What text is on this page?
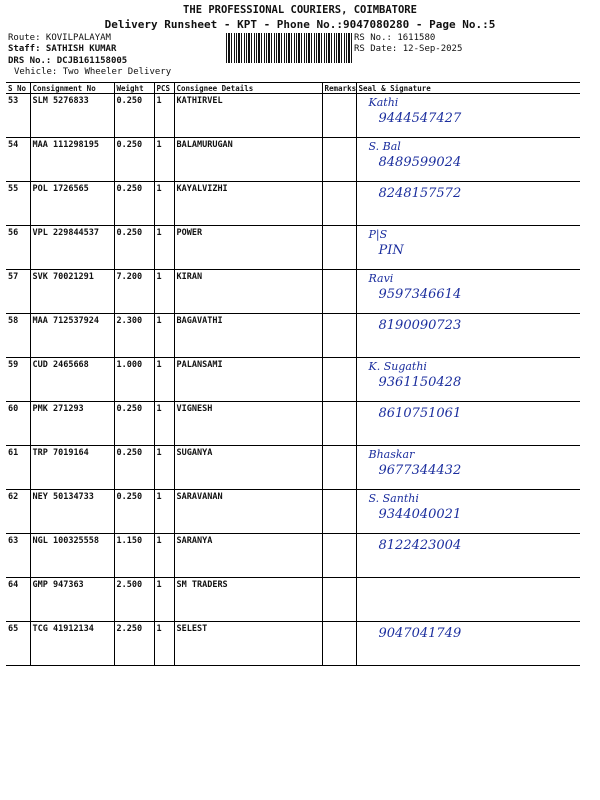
THE PROFESSIONAL COURIERS, COIMBATORE
Delivery Runsheet - KPT - Phone No.:9047080280 - Page No.:5
Route: KOVILPALAYAM
Staff: SATHISH KUMAR
DRS No.: DCJB161158005
Vehicle: Two Wheeler Delivery
RS No.: 1611580
RS Date: 12-Sep-2025
S No	Consignment No	Weight	PCS	Consignee Details	Remarks	Seal & Signature
53	SLM 5276833	0.250	1	KATHIRVEL		Kathi
9444547427

54	MAA 111298195	0.250	1	BALAMURUGAN		S. Bal
8489599024

55	POL 1726565	0.250	1	KAYALVIZHI		8248157572

56	VPL 229844537	0.250	1	POWER		P|S
PIN

57	SVK 70021291	7.200	1	KIRAN		Ravi
9597346614

58	MAA 712537924	2.300	1	BAGAVATHI		8190090723

59	CUD 2465668	1.000	1	PALANSAMI		K. Sugathi
9361150428

60	PMK 271293	0.250	1	VIGNESH		8610751061

61	TRP 7019164	0.250	1	SUGANYA		Bhaskar
9677344432

62	NEY 50134733	0.250	1	SARAVANAN		S. Santhi
9344040021

63	NGL 100325558	1.150	1	SARANYA		8122423004

64	GMP 947363	2.500	1	SM TRADERS		

65	TCG 41912134	2.250	1	SELEST		9047041749
